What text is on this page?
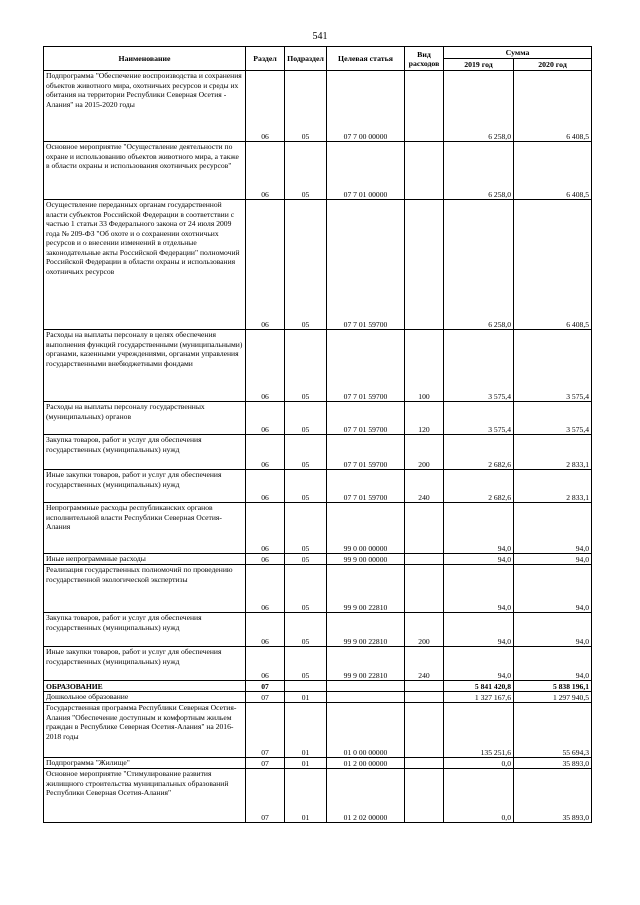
541
Наименование	Раздел	Подраздел	Целевая статья	Вид расходов	Сумма	
					2019 год	2020 год

Подпрограмма "Обеспечение воспроизводства и сохранения объектов животного мира, охотничьих ресурсов и среды их обитания на территории Республики Северная Осетия - Алания" на 2015-2020 годы	06	05	07 7 00 00000		6 258,0	6 408,5

Основное мероприятие "Осуществление деятельности по охране и использованию объектов животного мира, а также в области охраны и использования охотничьих ресурсов"	06	05	07 7 01 00000		6 258,0	6 408,5

Осуществление переданных органам государственной власти субъектов Российской Федерации в соответствии с частью 1 статьи 33 Федерального закона от 24 июля 2009 года № 209-ФЗ "Об охоте и о сохранении охотничьих ресурсов и о внесении изменений в отдельные законодательные акты Российской Федерации" полномочий Российской Федерации в области охраны и использования охотничьих ресурсов	06	05	07 7 01 59700		6 258,0	6 408,5

Расходы на выплаты персоналу в целях обеспечения выполнения функций государственными (муниципальными) органами, казенными учреждениями, органами управления государственными внебюджетными фондами	06	05	07 7 01 59700	100	3 575,4	3 575,4

Расходы на выплаты персоналу государственных (муниципальных) органов	06	05	07 7 01 59700	120	3 575,4	3 575,4

Закупка товаров, работ и услуг для обеспечения государственных (муниципальных) нужд	06	05	07 7 01 59700	200	2 682,6	2 833,1

Иные закупки товаров, работ и услуг для обеспечения государственных (муниципальных) нужд	06	05	07 7 01 59700	240	2 682,6	2 833,1

Непрограммные расходы республиканских органов исполнительной власти Республики Северная Осетия-Алания	06	05	99 0 00 00000		94,0	94,0

Иные непрограммные расходы	06	05	99 9 00 00000		94,0	94,0

Реализация государственных полномочий по проведению государственной экологической экспертизы	06	05	99 9 00 22810		94,0	94,0

Закупка товаров, работ и услуг для обеспечения государственных (муниципальных) нужд	06	05	99 9 00 22810	200	94,0	94,0

Иные закупки товаров, работ и услуг для обеспечения государственных (муниципальных) нужд	06	05	99 9 00 22810	240	94,0	94,0

ОБРАЗОВАНИЕ	07				5 841 420,8	5 838 196,1

Дошкольное образование	07	01			1 327 167,6	1 297 940,5

Государственная программа Республики Северная Осетия-Алания "Обеспечение доступным и комфортным жильем граждан в Республике Северная Осетия-Алания" на 2016-2018 годы	07	01	01 0 00 00000		135 251,6	55 694,3

Подпрограмма "Жилище"	07	01	01 2 00 00000		0,0	35 893,0

Основное мероприятие "Стимулирование развития жилищного строительства муниципальных образований Республики Северная Осетия-Алания"	07	01	01 2 02 00000		0,0	35 893,0
